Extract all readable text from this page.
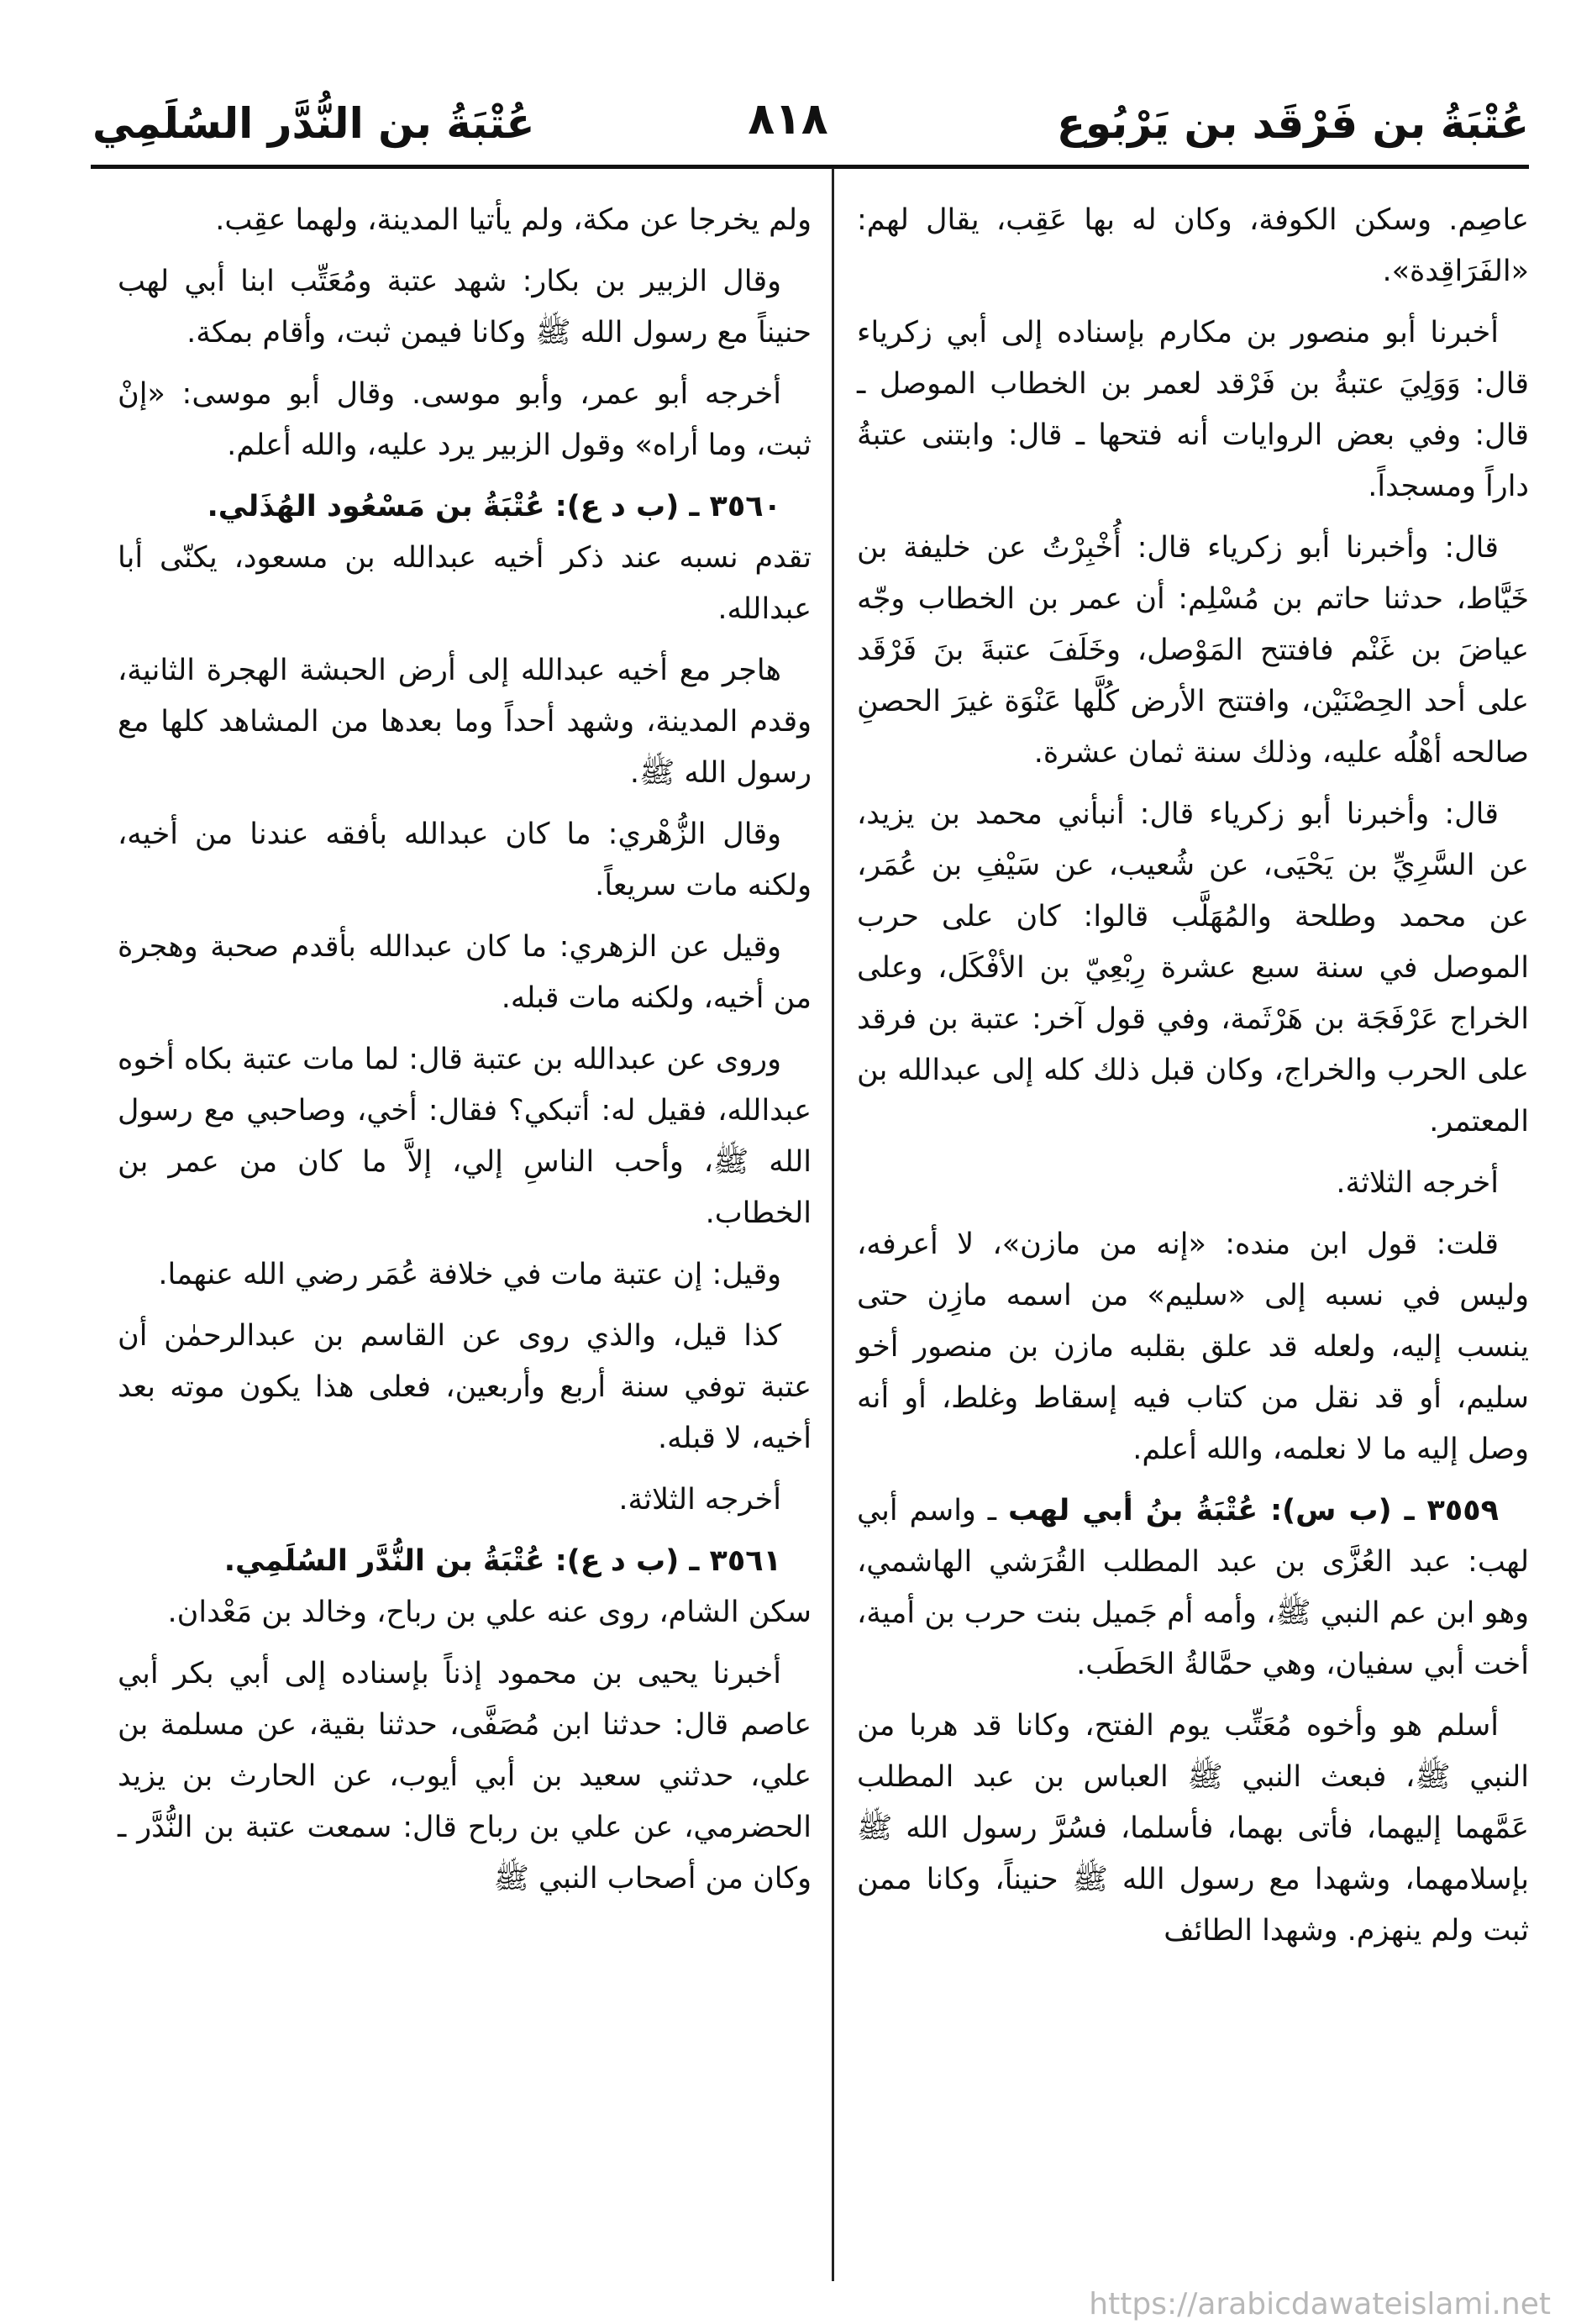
عُتْبَةُ بن فَرْقَد بن يَرْبُوع
٨١٨
عُتْبَةُ بن النُّدَّر السُلَمِي

عاصِم. وسكن الكوفة، وكان له بها عَقِب، يقال لهم: «الفَرَاقِدة».

أخبرنا أبو منصور بن مكارم بإسناده إلى أبي زكرياء قال: وَوَلِيَ عتبةُ بن فَرْقد لعمر بن الخطاب الموصل ـ قال: وفي بعض الروايات أنه فتحها ـ قال: وابتنى عتبةُ داراً ومسجداً.

قال: وأخبرنا أبو زكرياء قال: أُخْبِرْتُ عن خليفة بن خَيَّاط، حدثنا حاتم بن مُسْلِم: أن عمر بن الخطاب وجّه عياضَ بن غَنْم فافتتح المَوْصل، وخَلَفَ عتبةَ بنَ فَرْقَد على أحد الحِصْنَيْن، وافتتح الأرض كُلَّها عَنْوَة غيرَ الحصنِ صالحه أهْلُه عليه، وذلك سنة ثمان عشرة.

قال: وأخبرنا أبو زكرياء قال: أنبأني محمد بن يزيد، عن السَّرِيِّ بن يَحْيَى، عن شُعيب، عن سَيْفِ بن عُمَر، عن محمد وطلحة والمُهَلَّب قالوا: كان على حرب الموصل في سنة سبع عشرة رِبْعِيّ بن الأفْكَل، وعلى الخراج عَرْفَجَة بن هَرْثَمة، وفي قول آخر: عتبة بن فرقد على الحرب والخراج، وكان قبل ذلك كله إلى عبدالله بن المعتمر.

أخرجه الثلاثة.

قلت: قول ابن منده: «إنه من مازن»، لا أعرفه، وليس في نسبه إلى «سليم» من اسمه مازِن حتى ينسب إليه، ولعله قد علق بقلبه مازن بن منصور أخو سليم، أو قد نقل من كتاب فيه إسقاط وغلط، أو أنه وصل إليه ما لا نعلمه، والله أعلم.

٣٥٥٩ ـ (ب س): عُتْبَةُ بنُ أبي لهب ـ واسم أبي لهب: عبد العُزَّى بن عبد المطلب القُرَشي الهاشمي، وهو ابن عم النبي ﷺ، وأمه أم جَميل بنت حرب بن أمية، أخت أبي سفيان، وهي حمَّالةُ الحَطَب.

أسلم هو وأخوه مُعَتِّب يوم الفتح، وكانا قد هربا من النبي ﷺ، فبعث النبي ﷺ العباس بن عبد المطلب عَمَّهما إليهما، فأتى بهما، فأسلما، فسُرَّ رسول الله ﷺ بإسلامهما، وشهدا مع رسول الله ﷺ حنيناً، وكانا ممن ثبت ولم ينهزم. وشهدا الطائف

ولم يخرجا عن مكة، ولم يأتيا المدينة، ولهما عقِب.

وقال الزبير بن بكار: شهد عتبة ومُعَتِّب ابنا أبي لهب حنيناً مع رسول الله ﷺ وكانا فيمن ثبت، وأقام بمكة.

أخرجه أبو عمر، وأبو موسى. وقال أبو موسى: «إنْ ثبت، وما أراه» وقول الزبير يرد عليه، والله أعلم.

٣٥٦٠ ـ (ب د ع): عُتْبَةُ بن مَسْعُود الهُذَلي.

تقدم نسبه عند ذكر أخيه عبدالله بن مسعود، يكنّى أبا عبدالله.

هاجر مع أخيه عبدالله إلى أرض الحبشة الهجرة الثانية، وقدم المدينة، وشهد أحداً وما بعدها من المشاهد كلها مع رسول الله ﷺ.

وقال الزُّهْري: ما كان عبدالله بأفقه عندنا من أخيه، ولكنه مات سريعاً.

وقيل عن الزهري: ما كان عبدالله بأقدم صحبة وهجرة من أخيه، ولكنه مات قبله.

وروى عن عبدالله بن عتبة قال: لما مات عتبة بكاه أخوه عبدالله، فقيل له: أتبكي؟ فقال: أخي، وصاحبي مع رسول الله ﷺ، وأحب الناسِ إلي، إلاَّ ما كان من عمر بن الخطاب.

وقيل: إن عتبة مات في خلافة عُمَر رضي الله عنهما.

كذا قيل، والذي روى عن القاسم بن عبدالرحمٰن أن عتبة توفي سنة أربع وأربعين، فعلى هذا يكون موته بعد أخيه، لا قبله.

أخرجه الثلاثة.

٣٥٦١ ـ (ب د ع): عُتْبَةُ بن النُّدَّر السُلَمِي.

سكن الشام، روى عنه علي بن رباح، وخالد بن مَعْدان.

أخبرنا يحيى بن محمود إذناً بإسناده إلى أبي بكر أبي عاصم قال: حدثنا ابن مُصَفَّى، حدثنا بقية، عن مسلمة بن علي، حدثني سعيد بن أبي أيوب، عن الحارث بن يزيد الحضرمي، عن علي بن رباح قال: سمعت عتبة بن النُّدَّر ـ وكان من أصحاب النبي ﷺ

https://arabicdawateislami.net
